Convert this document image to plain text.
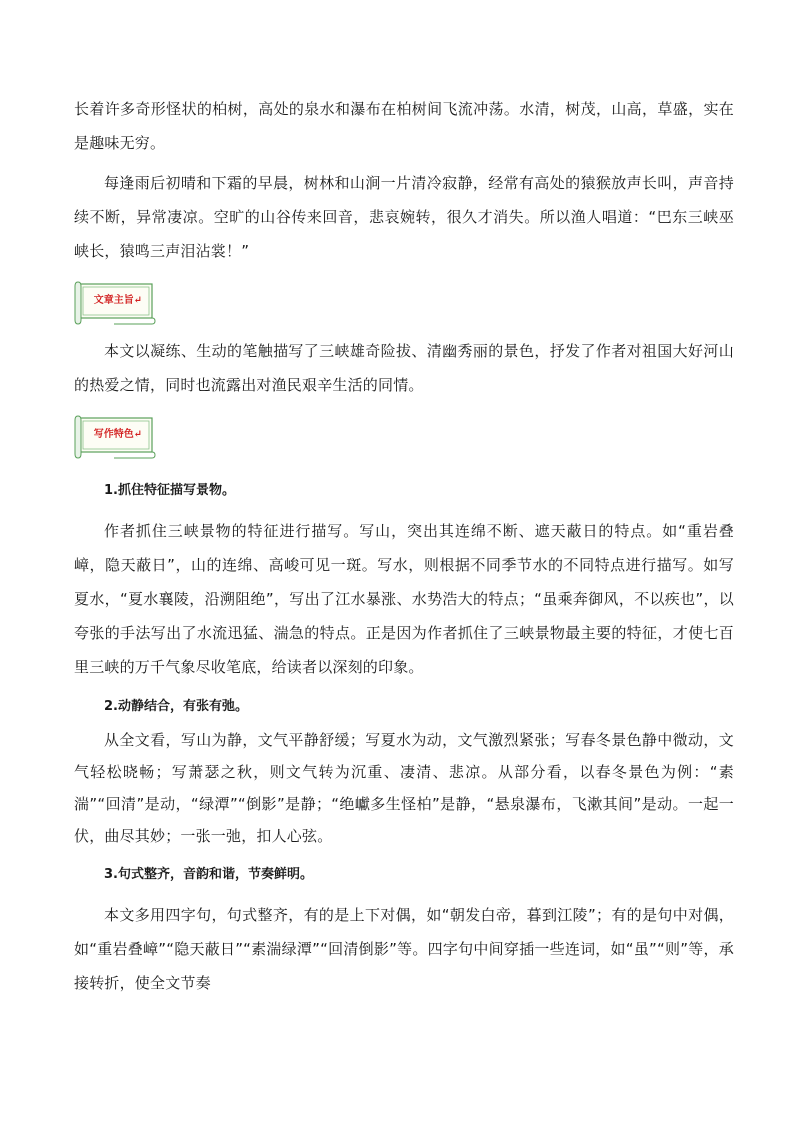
长着许多奇形怪状的柏树，高处的泉水和瀑布在柏树间飞流冲荡。水清，树茂，山高，草盛，实在是趣味无穷。

每逢雨后初晴和下霜的早晨，树林和山涧一片清冷寂静，经常有高处的猿猴放声长叫，声音持续不断，异常凄凉。空旷的山谷传来回音，悲哀婉转，很久才消失。所以渔人唱道：“巴东三峡巫峡长，猿鸣三声泪沾裳！”

文章主旨↵

本文以凝练、生动的笔触描写了三峡雄奇险拔、清幽秀丽的景色，抒发了作者对祖国大好河山的热爱之情，同时也流露出对渔民艰辛生活的同情。

写作特色↵
1.抓住特征描写景物。

作者抓住三峡景物的特征进行描写。写山，突出其连绵不断、遮天蔽日的特点。如“重岩叠嶂，隐天蔽日”，山的连绵、高峻可见一斑。写水，则根据不同季节水的不同特点进行描写。如写夏水，“夏水襄陵，沿溯阻绝”，写出了江水暴涨、水势浩大的特点；“虽乘奔御风，不以疾也”，以夸张的手法写出了水流迅猛、湍急的特点。正是因为作者抓住了三峡景物最主要的特征，才使七百里三峡的万千气象尽收笔底，给读者以深刻的印象。

2.动静结合，有张有弛。

从全文看，写山为静，文气平静舒缓；写夏水为动，文气激烈紧张；写春冬景色静中微动，文气轻松晓畅；写萧瑟之秋，则文气转为沉重、凄清、悲凉。从部分看，以春冬景色为例：“素湍”“回清”是动，“绿潭”“倒影”是静；“绝巘多生怪柏”是静，“悬泉瀑布，飞漱其间”是动。一起一伏，曲尽其妙；一张一弛，扣人心弦。

3.句式整齐，音韵和谐，节奏鲜明。

本文多用四字句，句式整齐，有的是上下对偶，如“朝发白帝，暮到江陵”；有的是句中对偶，如“重岩叠嶂”“隐天蔽日”“素湍绿潭”“回清倒影”等。四字句中间穿插一些连词，如“虽”“则”等，承接转折，使全文节奏
